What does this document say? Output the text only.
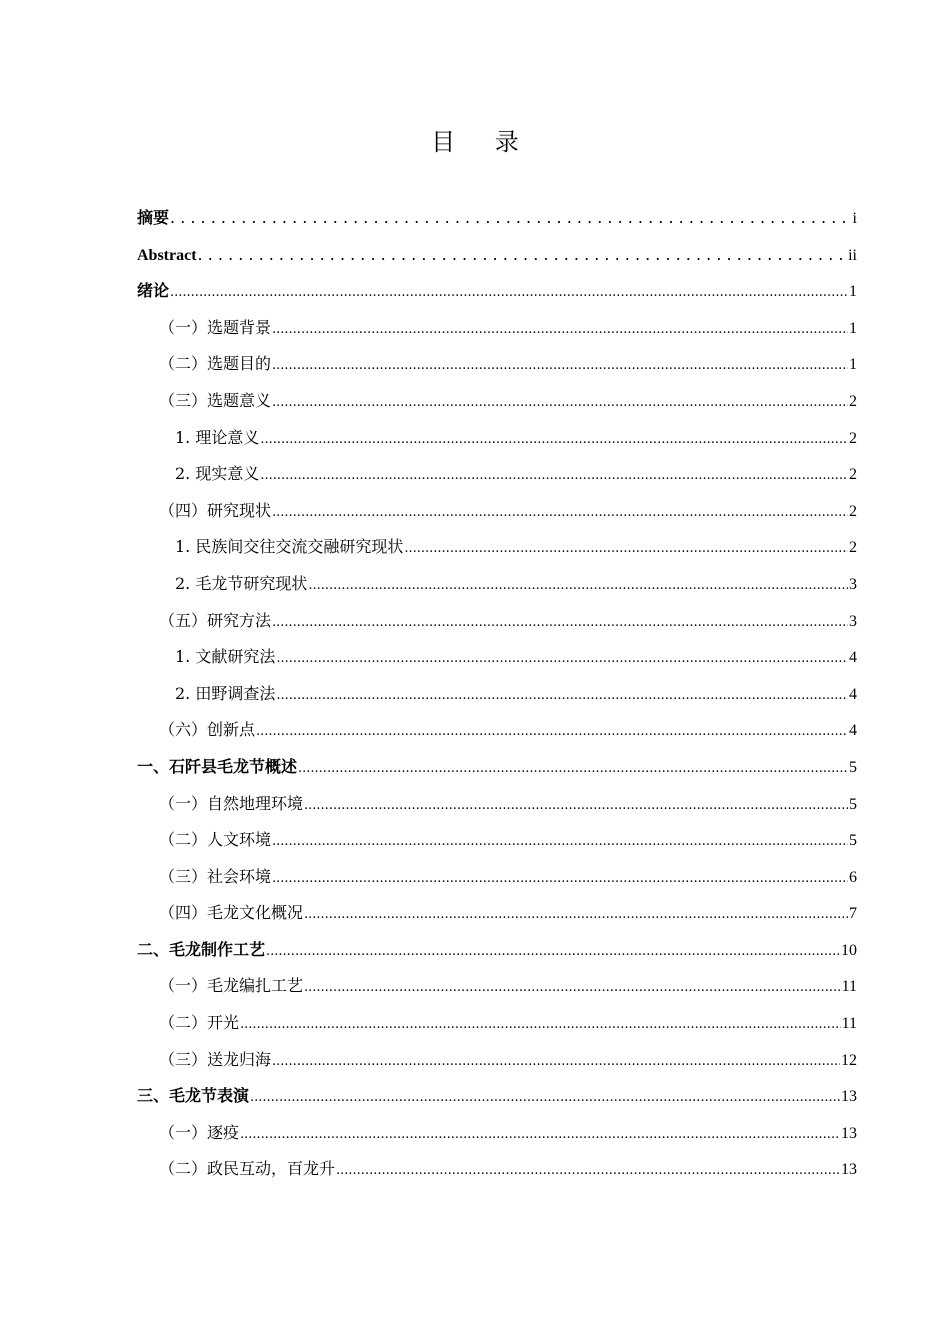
目 录
摘要 . . .	i
Abstract . . .	ii
绪论 .....	1
（一）选题背景 .....	1
（二）选题目的 .....	1
（三）选题意义 .....	2
1. 理论意义 .....	2
2. 现实意义 .....	2
（四）研究现状 .....	2
1. 民族间交往交流交融研究现状 .....	2
2. 毛龙节研究现状 .....	3
（五）研究方法 .....	3
1. 文献研究法 .....	4
2. 田野调查法 .....	4
（六）创新点 .....	4
一、石阡县毛龙节概述 .....	5
（一）自然地理环境 .....	5
（二）人文环境 .....	5
（三）社会环境 .....	6
（四）毛龙文化概况 .....	7
二、毛龙制作工艺 .....	10
（一）毛龙编扎工艺 .....	11
（二）开光 .....	11
（三）送龙归海 .....	12
三、毛龙节表演 .....	13
（一）逐疫 .....	13
（二）政民互动，百龙升 .....	13
